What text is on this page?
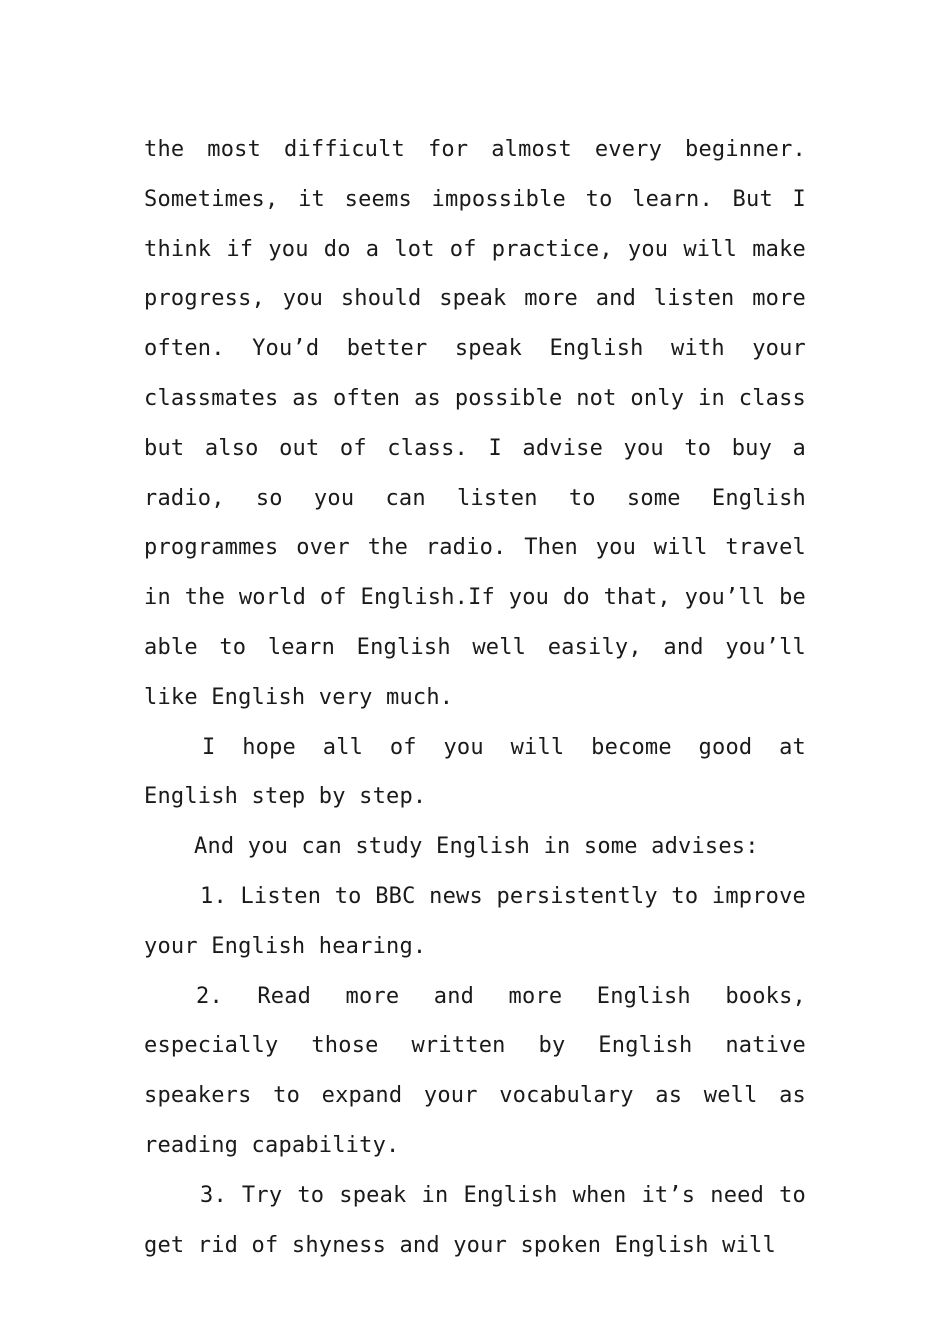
the most difficult for almost every beginner. Sometimes, it seems impossible to learn. But I think if you do a lot of practice, you will make progress, you should speak more and listen more often. You’d better speak English with your classmates as often as possible not only in class but also out of class. I advise you to buy a radio, so you can listen to some English programmes over the radio. Then you will travel in the world of English.If you do that, you’ll be able to learn English well easily, and you’ll like English very much.

I hope all of you will become good at English step by step.

And you can study English in some advises:

1. Listen to BBC news persistently to improve your English hearing.

2. Read more and more English books, especially those written by English native speakers to expand your vocabulary as well as reading capability.

3. Try to speak in English when it’s need to get rid of shyness and your spoken English will
